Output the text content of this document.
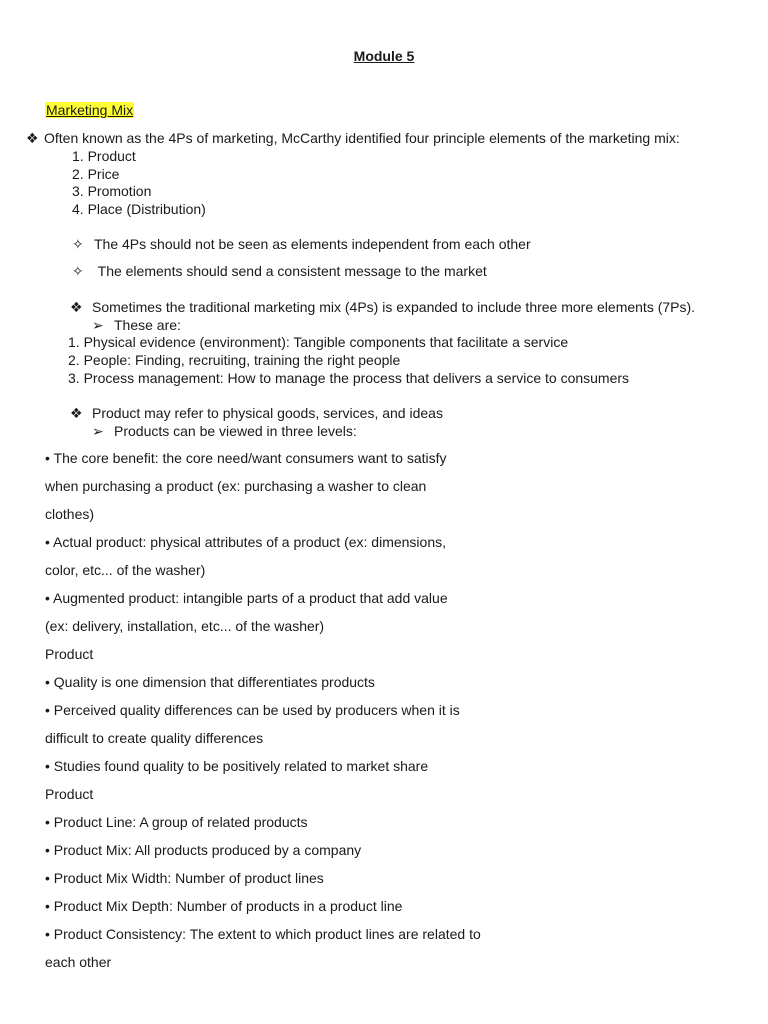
Module 5
Marketing Mix
❖ Often known as the 4Ps of marketing, McCarthy identified four principle elements of the marketing mix:
1. Product
2. Price
3. Promotion
4. Place (Distribution)
✧ The 4Ps should not be seen as elements independent from each other
✧ The elements should send a consistent message to the market
❖ Sometimes the traditional marketing mix (4Ps) is expanded to include three more elements (7Ps).
➢ These are:
1. Physical evidence (environment): Tangible components that facilitate a service
2. People: Finding, recruiting, training the right people
3. Process management: How to manage the process that delivers a service to consumers
❖ Product may refer to physical goods, services, and ideas
➢ Products can be viewed in three levels:
• The core benefit: the core need/want consumers want to satisfy
when purchasing a product (ex: purchasing a washer to clean
clothes)
• Actual product: physical attributes of a product (ex: dimensions,
color, etc... of the washer)
• Augmented product: intangible parts of a product that add value
(ex: delivery, installation, etc... of the washer)
Product
• Quality is one dimension that differentiates products
• Perceived quality differences can be used by producers when it is
difficult to create quality differences
• Studies found quality to be positively related to market share
Product
• Product Line: A group of related products
• Product Mix: All products produced by a company
• Product Mix Width: Number of product lines
• Product Mix Depth: Number of products in a product line
• Product Consistency: The extent to which product lines are related to
each other
